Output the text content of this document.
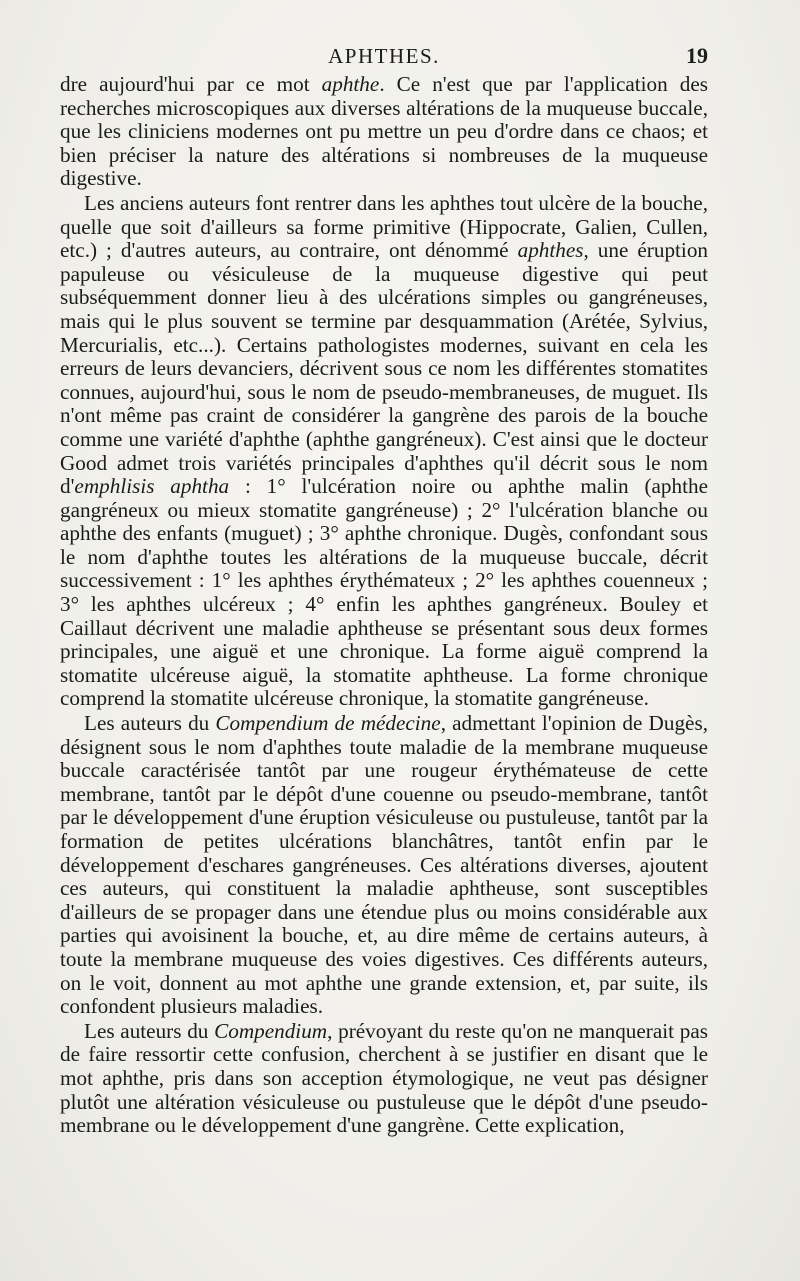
APHTHES.	19

dre aujourd'hui par ce mot aphthe. Ce n'est que par l'application des recherches microscopiques aux diverses altérations de la muqueuse buccale, que les cliniciens modernes ont pu mettre un peu d'ordre dans ce chaos; et bien préciser la nature des altérations si nombreuses de la muqueuse digestive.

Les anciens auteurs font rentrer dans les aphthes tout ulcère de la bouche, quelle que soit d'ailleurs sa forme primitive (Hippocrate, Galien, Cullen, etc.) ; d'autres auteurs, au contraire, ont dénommé aphthes, une éruption papuleuse ou vésiculeuse de la muqueuse digestive qui peut subséquemment donner lieu à des ulcérations simples ou gangréneuses, mais qui le plus souvent se termine par desquammation (Arétée, Sylvius, Mercurialis, etc...). Certains pathologistes modernes, suivant en cela les erreurs de leurs devanciers, décrivent sous ce nom les différentes stomatites connues, aujourd'hui, sous le nom de pseudo-membraneuses, de muguet. Ils n'ont même pas craint de considérer la gangrène des parois de la bouche comme une variété d'aphthe (aphthe gangréneux). C'est ainsi que le docteur Good admet trois variétés principales d'aphthes qu'il décrit sous le nom d'emphlisis aphtha : 1° l'ulcération noire ou aphthe malin (aphthe gangréneux ou mieux stomatite gangréneuse) ; 2° l'ulcération blanche ou aphthe des enfants (muguet) ; 3° aphthe chronique. Dugès, confondant sous le nom d'aphthe toutes les altérations de la muqueuse buccale, décrit successivement : 1° les aphthes érythémateux ; 2° les aphthes couenneux ; 3° les aphthes ulcéreux ; 4° enfin les aphthes gangréneux. Bouley et Caillaut décrivent une maladie aphtheuse se présentant sous deux formes principales, une aiguë et une chronique. La forme aiguë comprend la stomatite ulcéreuse aiguë, la stomatite aphtheuse. La forme chronique comprend la stomatite ulcéreuse chronique, la stomatite gangréneuse.

Les auteurs du Compendium de médecine, admettant l'opinion de Dugès, désignent sous le nom d'aphthes toute maladie de la membrane muqueuse buccale caractérisée tantôt par une rougeur érythémateuse de cette membrane, tantôt par le dépôt d'une couenne ou pseudo-membrane, tantôt par le développement d'une éruption vésiculeuse ou pustuleuse, tantôt par la formation de petites ulcérations blanchâtres, tantôt enfin par le développement d'eschares gangréneuses. Ces altérations diverses, ajoutent ces auteurs, qui constituent la maladie aphtheuse, sont susceptibles d'ailleurs de se propager dans une étendue plus ou moins considérable aux parties qui avoisinent la bouche, et, au dire même de certains auteurs, à toute la membrane muqueuse des voies digestives. Ces différents auteurs, on le voit, donnent au mot aphthe une grande extension, et, par suite, ils confondent plusieurs maladies.

Les auteurs du Compendium, prévoyant du reste qu'on ne manquerait pas de faire ressortir cette confusion, cherchent à se justifier en disant que le mot aphthe, pris dans son acception étymologique, ne veut pas désigner plutôt une altération vésiculeuse ou pustuleuse que le dépôt d'une pseudo-membrane ou le développement d'une gangrène. Cette explication,
